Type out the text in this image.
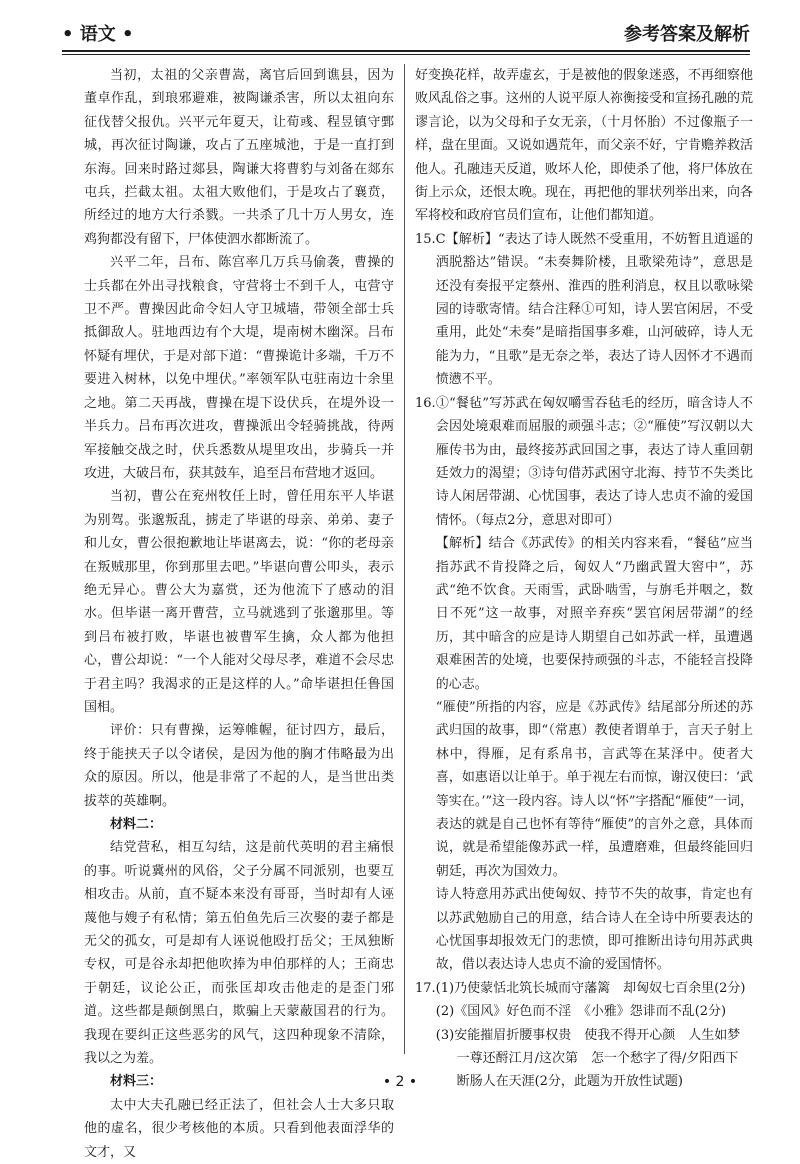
• 语文 •	参考答案及解析

当初，太祖的父亲曹嵩，离官后回到谯县，因为董卓作乱，到琅邪避难，被陶谦杀害，所以太祖向东征伐替父报仇。兴平元年夏天，让荀彧、程昱镇守鄄城，再次征讨陶谦，攻占了五座城池，于是一直打到东海。回来时路过郯县，陶谦大将曹豹与刘备在郯东屯兵，拦截太祖。太祖大败他们，于是攻占了襄贲，所经过的地方大行杀戮。一共杀了几十万人男女，连鸡狗都没有留下，尸体使泗水都断流了。

兴平二年，吕布、陈宫率几万兵马偷袭，曹操的士兵都在外出寻找粮食，守营将士不到千人，屯营守卫不严。曹操因此命令妇人守卫城墙，带领全部士兵抵御敌人。驻地西边有个大堤，堤南树木幽深。吕布怀疑有埋伏，于是对部下道：“曹操诡计多端，千万不要进入树林，以免中埋伏。”率领军队屯驻南边十余里之地。第二天再战，曹操在堤下设伏兵，在堤外设一半兵力。吕布再次进攻，曹操派出令轻骑挑战，待两军接触交战之时，伏兵悉数从堤里攻出，步骑兵一并攻进，大破吕布，获其鼓车，追至吕布营地才返回。

当初，曹公在兖州牧任上时，曾任用东平人毕谌为别驾。张邈叛乱，掳走了毕谌的母亲、弟弟、妻子和儿女，曹公很抱歉地让毕谌离去，说：“你的老母亲在叛贼那里，你到那里去吧。”毕谌向曹公叩头，表示绝无异心。曹公大为嘉赏，还为他流下了感动的泪水。但毕谌一离开曹营，立马就逃到了张邈那里。等到吕布被打败，毕谌也被曹军生擒，众人都为他担心，曹公却说：“一个人能对父母尽孝，难道不会尽忠于君主吗？我渴求的正是这样的人。”命毕谌担任鲁国国相。

评价：只有曹操，运筹帷幄，征讨四方，最后，终于能挟天子以令诸侯，是因为他的胸才伟略最为出众的原因。所以，他是非常了不起的人，是当世出类拔萃的英雄啊。

材料二：

结党营私，相互勾结，这是前代英明的君主痛恨的事。听说冀州的风俗，父子分属不同派别，也要互相攻击。从前，直不疑本来没有哥哥，当时却有人诬蔑他与嫂子有私情；第五伯鱼先后三次娶的妻子都是无父的孤女，可是却有人诬说他殴打岳父；王凤独断专权，可是谷永却把他吹捧为申伯那样的人；王商忠于朝廷，议论公正，而张匡却攻击他走的是歪门邪道。这些都是颠倒黑白，欺骗上天蒙蔽国君的行为。我现在要纠正这些恶劣的风气，这四种现象不清除，我以之为羞。

材料三：

太中大夫孔融已经正法了，但社会人士大多只取他的虚名，很少考核他的本质。只看到他表面浮华的文才，又

好变换花样，故弄虚玄，于是被他的假象迷惑，不再细察他败风乱俗之事。这州的人说平原人祢衡接受和宣扬孔融的荒谬言论，以为父母和子女无亲，（十月怀胎）不过像瓶子一样，盘在里面。又说如遇荒年，而父亲不好，宁肯赡养救活他人。孔融违天反道，败坏人伦，即使杀了他，将尸体放在街上示众，还恨太晚。现在，再把他的罪状列举出来，向各军将校和政府官员们宣布，让他们都知道。

15.C【解析】“表达了诗人既然不受重用，不妨暂且逍遥的洒脱豁达”错误。“未奏舞阶楼，且歌梁苑诗”，意思是还没有奏报平定蔡州、淮西的胜利消息，权且以歌咏梁园的诗歌寄情。结合注释①可知，诗人罢官闲居，不受重用，此处“未奏”是暗指国事多难，山河破碎，诗人无能为力，“且歌”是无奈之举，表达了诗人因怀才不遇而愤懑不平。

16.①“餐毡”写苏武在匈奴嚼雪吞毡毛的经历，暗含诗人不会因处境艰难而屈服的顽强斗志；②“雁使”写汉朝以大雁传书为由，最终接苏武回国之事，表达了诗人重回朝廷效力的渴望；③诗句借苏武困守北海、持节不失类比诗人闲居带湖、心忧国事，表达了诗人忠贞不渝的爱国情怀。（每点2分，意思对即可）

【解析】结合《苏武传》的相关内容来看，“餐毡”应当指苏武不肯投降之后，匈奴人“乃幽武置大窖中”，苏武“绝不饮食。天雨雪，武卧啮雪，与旃毛并咽之，数日不死”这一故事，对照辛弃疾“罢官闲居带湖”的经历，其中暗含的应是诗人期望自己如苏武一样，虽遭遇艰难困苦的处境，也要保持顽强的斗志，不能轻言投降的心志。

“雁使”所指的内容，应是《苏武传》结尾部分所述的苏武归国的故事，即“（常惠）教使者谓单于，言天子射上林中，得雁，足有系帛书，言武等在某泽中。使者大喜，如惠语以让单于。单于视左右而惊，谢汉使曰：‘武等实在。’”这一段内容。诗人以“怀”字搭配“雁使”一词，表达的就是自己也怀有等待“雁使”的言外之意，具体而说，就是希望能像苏武一样，虽遭磨难，但最终能回归朝廷，再次为国效力。

诗人特意用苏武出使匈奴、持节不失的故事，肯定也有以苏武勉励自己的用意，结合诗人在全诗中所要表达的心忧国事却报效无门的悲愤，即可推断出诗句用苏武典故，借以表达诗人忠贞不渝的爱国情怀。

17.(1)乃使蒙恬北筑长城而守藩篱　却匈奴七百余里(2分)

(2)《国风》好色而不淫　《小雅》怨诽而不乱(2分)

(3)安能摧眉折腰事权贵　使我不得开心颜　人生如梦

一尊还酹江月/这次第　怎一个愁字了得/夕阳西下

断肠人在天涯(2分，此题为开放性试题)

• 2 •
